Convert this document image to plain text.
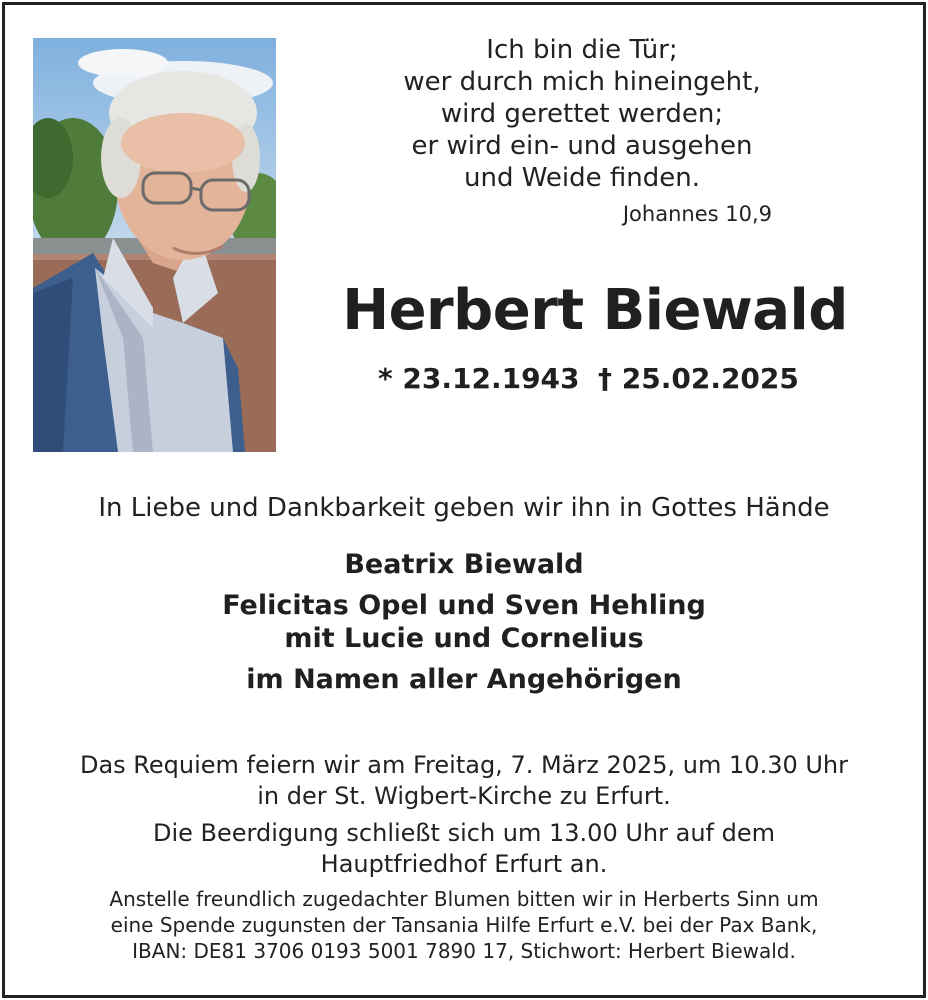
Ich bin die Tür;
wer durch mich hineingeht,
wird gerettet werden;
er wird ein- und ausgehen
und Weide finden.
Johannes 10,9
Herbert Biewald
* 23.12.1943 † 25.02.2025
In Liebe und Dankbarkeit geben wir ihn in Gottes Hände
Beatrix Biewald
Felicitas Opel und Sven Hehling
mit Lucie und Cornelius
im Namen aller Angehörigen
Das Requiem feiern wir am Freitag, 7. März 2025, um 10.30 Uhr
in der St. Wigbert-Kirche zu Erfurt.
Die Beerdigung schließt sich um 13.00 Uhr auf dem
Hauptfriedhof Erfurt an.
Anstelle freundlich zugedachter Blumen bitten wir in Herberts Sinn um
eine Spende zugunsten der Tansania Hilfe Erfurt e.V. bei der Pax Bank,
IBAN: DE81 3706 0193 5001 7890 17, Stichwort: Herbert Biewald.
